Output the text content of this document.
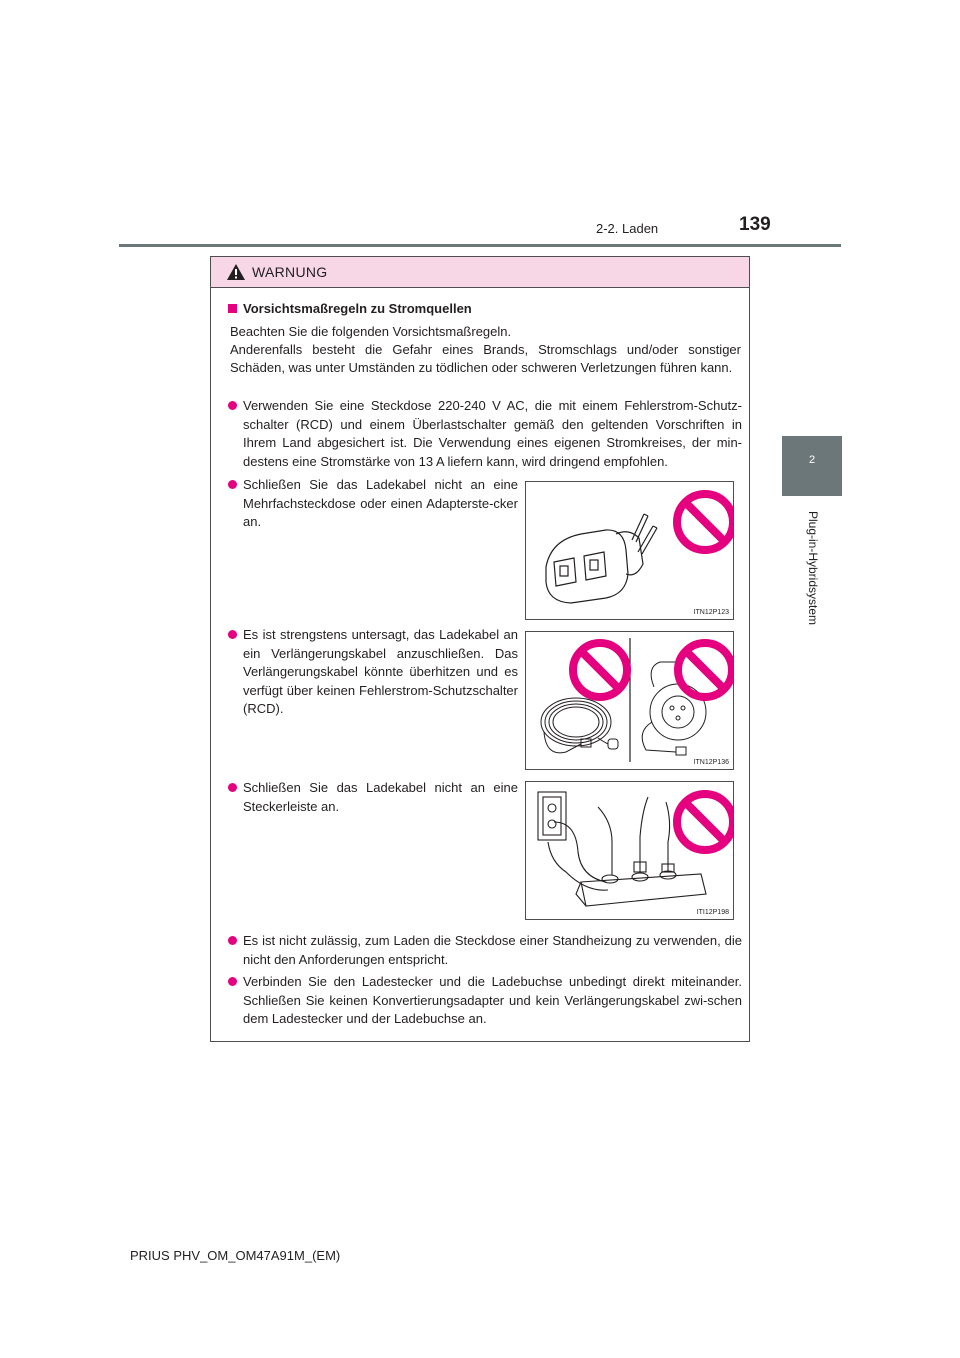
2-2. Laden	139
2
Plug-in-Hybridsystem
WARNUNG
Vorsichtsmaßregeln zu Stromquellen
Beachten Sie die folgenden Vorsichtsmaßregeln.
Anderenfalls besteht die Gefahr eines Brands, Stromschlags und/oder sonstiger Schäden, was unter Umständen zu tödlichen oder schweren Verletzungen führen kann.
Verwenden Sie eine Steckdose 220-240 V AC, die mit einem Fehlerstrom-Schutz-schalter (RCD) und einem Überlastschalter gemäß den geltenden Vorschriften in Ihrem Land abgesichert ist. Die Verwendung eines eigenen Stromkreises, der min-destens eine Stromstärke von 13 A liefern kann, wird dringend empfohlen.
Schließen Sie das Ladekabel nicht an eine Mehrfachsteckdose oder einen Adapterste-cker an.
ITN12P123
Es ist strengstens untersagt, das Ladekabel an ein Verlängerungskabel anzuschließen. Das Verlängerungskabel könnte überhitzen und es verfügt über keinen Fehlerstrom-Schutzschalter (RCD).
ITN12P136
Schließen Sie das Ladekabel nicht an eine Steckerleiste an.
ITI12P198
Es ist nicht zulässig, zum Laden die Steckdose einer Standheizung zu verwenden, die nicht den Anforderungen entspricht.
Verbinden Sie den Ladestecker und die Ladebuchse unbedingt direkt miteinander. Schließen Sie keinen Konvertierungsadapter und kein Verlängerungskabel zwi-schen dem Ladestecker und der Ladebuchse an.
PRIUS PHV_OM_OM47A91M_(EM)
